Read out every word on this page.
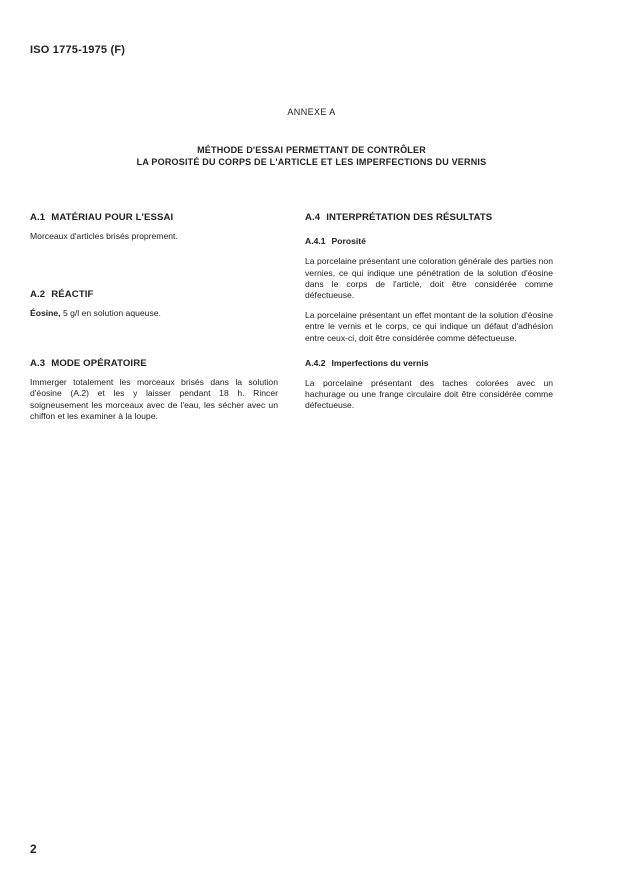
ISO 1775-1975 (F)
ANNEXE A
MÉTHODE D'ESSAI PERMETTANT DE CONTRÔLER
LA POROSITÉ DU CORPS DE L'ARTICLE ET LES IMPERFECTIONS DU VERNIS
A.1 MATÉRIAU POUR L'ESSAI

Morceaux d'articles brisés proprement.

A.2 RÉACTIF

Éosine, 5 g/l en solution aqueuse.

A.3 MODE OPÉRATOIRE

Immerger totalement les morceaux brisés dans la solution d'éosine (A.2) et les y laisser pendant 18 h. Rincer soigneusement les morceaux avec de l'eau, les sécher avec un chiffon et les examiner à la loupe.

A.4 INTERPRÉTATION DES RÉSULTATS
A.4.1 Porosité

La porcelaine présentant une coloration générale des parties non vernies, ce qui indique une pénétration de la solution d'éosine dans le corps de l'article, doit être considérée comme défectueuse.

La porcelaine présentant un effet montant de la solution d'éosine entre le vernis et le corps, ce qui indique un défaut d'adhésion entre ceux-ci, doit être considérée comme défectueuse.

A.4.2 Imperfections du vernis

La porcelaine présentant des taches colorées avec un hachurage ou une frange circulaire doit être considérée comme défectueuse.

2
